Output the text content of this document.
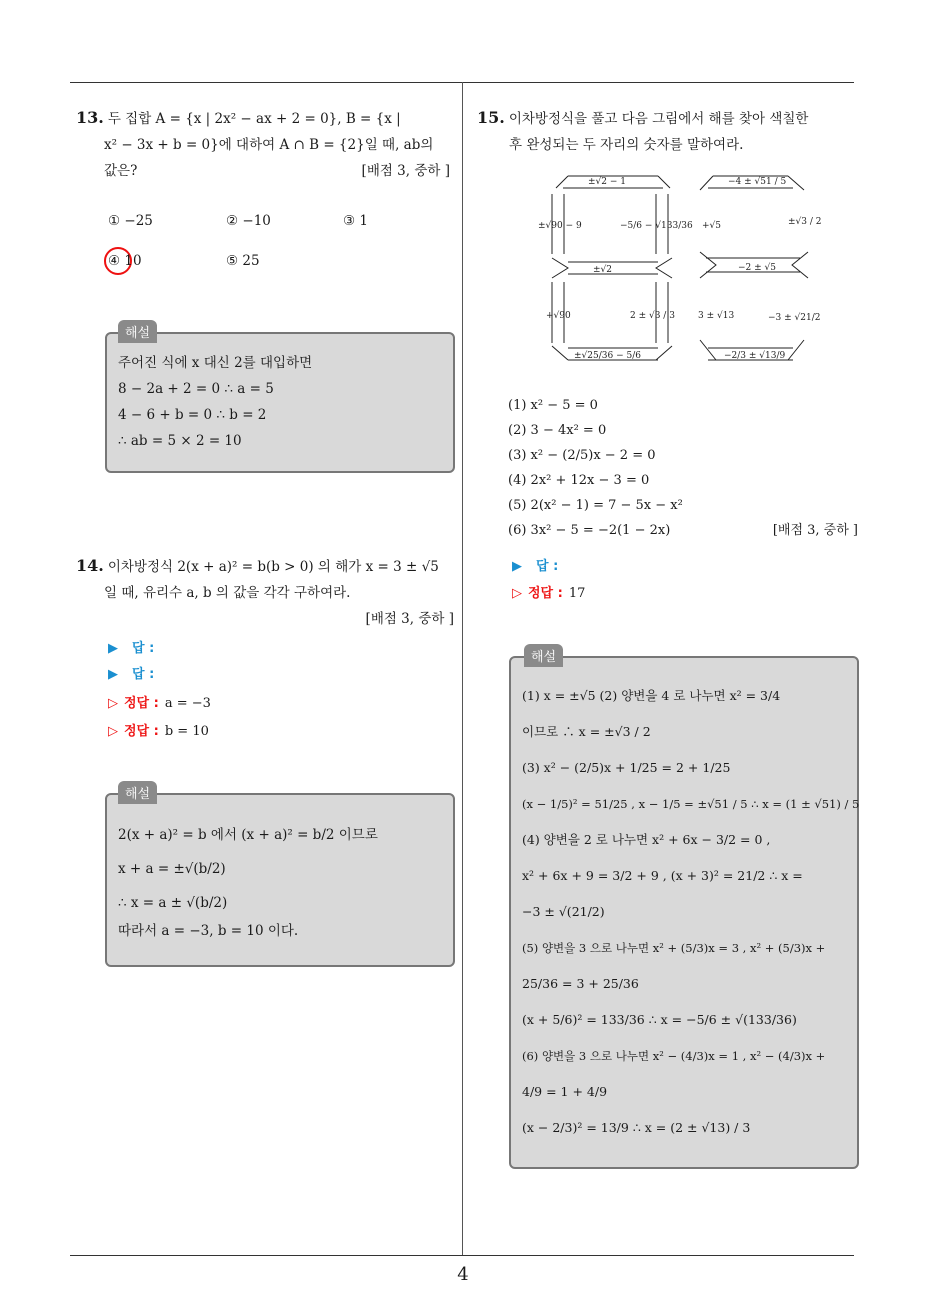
13. 두 집합 A = {x | 2x² − ax + 2 = 0}, B = {x |
x² − 3x + b = 0}에 대하여 A ∩ B = {2}일 때, ab의
값은?	[배점 3, 중하 ]
① −25	② −10	③ 1
④ 10	⑤ 25
해설
주어진 식에 x 대신 2를 대입하면
8 − 2a + 2 = 0 ∴ a = 5
4 − 6 + b = 0 ∴ b = 2
∴ ab = 5 × 2 = 10
14. 이차방정식 2(x + a)² = b(b > 0) 의 해가 x = 3 ± √5
일 때, 유리수 a, b 의 값을 각각 구하여라.
[배점 3, 중하 ]
▶ 답 :
▶ 답 :
▷ 정답 : a = −3
▷ 정답 : b = 10
해설
2(x + a)² = b 에서 (x + a)² = b/2 이므로
x + a = ±√(b/2)
∴ x = a ± √(b/2)
따라서 a = −3, b = 10 이다.
15. 이차방정식을 풀고 다음 그림에서 해를 찾아 색칠한
후 완성되는 두 자리의 숫자를 말하여라.
±√2 − 1
±√90 − 9	−5/6 − √133/36
±√2
+√90	2 ± √3 / 3
±√25/36 − 5/6
−4 ± √51 / 5
+√5	±√3 / 2
−2 ± √5
3 ± √13	−3 ± √21/2
−2/3 ± √13/9
(1) x² − 5 = 0
(2) 3 − 4x² = 0
(3) x² − (2/5)x − 2 = 0
(4) 2x² + 12x − 3 = 0
(5) 2(x² − 1) = 7 − 5x − x²
(6) 3x² − 5 = −2(1 − 2x)	[배점 3, 중하 ]
▶ 답 :
▷ 정답 : 17
해설
(1) x = ±√5 (2) 양변을 4 로 나누면 x² = 3/4
이므로 ∴ x = ±√3 / 2
(3) x² − (2/5)x + 1/25 = 2 + 1/25
(x − 1/5)² = 51/25 , x − 1/5 = ±√51 / 5 ∴ x = (1 ± √51) / 5
(4) 양변을 2 로 나누면 x² + 6x − 3/2 = 0 ,
x² + 6x + 9 = 3/2 + 9 , (x + 3)² = 21/2 ∴ x =
−3 ± √(21/2)
(5) 양변을 3 으로 나누면 x² + (5/3)x = 3 , x² + (5/3)x +
25/36 = 3 + 25/36
(x + 5/6)² = 133/36 ∴ x = −5/6 ± √(133/36)
(6) 양변을 3 으로 나누면 x² − (4/3)x = 1 , x² − (4/3)x +
4/9 = 1 + 4/9
(x − 2/3)² = 13/9 ∴ x = (2 ± √13) / 3
4
